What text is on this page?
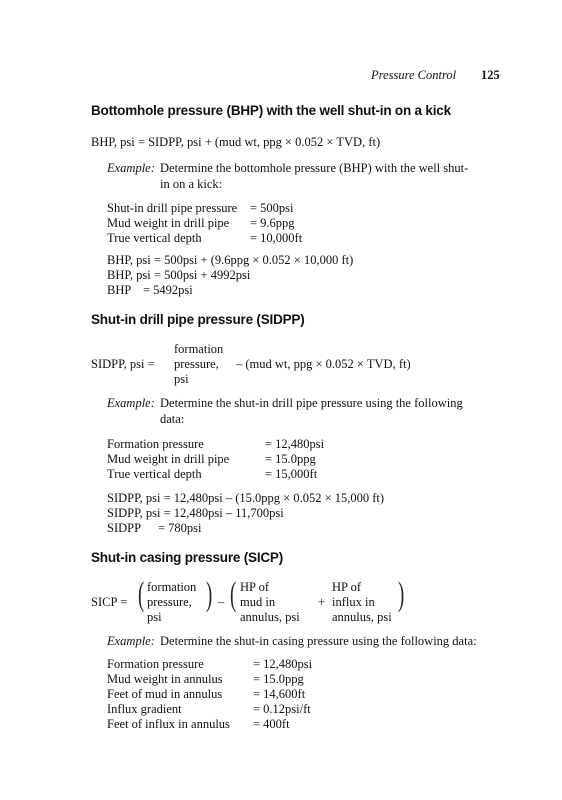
Pressure Control 125
Bottomhole pressure (BHP) with the well shut-in on a kick
BHP, psi = SIDPP, psi + (mud wt, ppg × 0.052 × TVD, ft)
Example: Determine the bottomhole pressure (BHP) with the well shut-
in on a kick:
Shut-in drill pipe pressure = 500psi
Mud weight in drill pipe = 9.6ppg
True vertical depth	= 10,000ft
BHP, psi = 500psi + (9.6ppg × 0.052 × 10,000 ft)
BHP, psi = 500psi + 4992psi
BHP = 5492psi
Shut-in drill pipe pressure (SIDPP)
formation
SIDPP, psi = pressure, – (mud wt, ppg × 0.052 × TVD, ft)
psi
Example: Determine the shut-in drill pipe pressure using the following
data:
Formation pressure	= 12,480psi
Mud weight in drill pipe	= 15.0ppg
True vertical depth	= 15,000ft
SIDPP, psi = 12,480psi – (15.0ppg × 0.052 × 15,000 ft)
SIDPP, psi = 12,480psi – 11,700psi
SIDPP = 780psi
Shut-in casing pressure (SICP)
SICP = ( formation
pressure,
psi
) – ( HP of
mud in
annulus, psi
+
HP of
influx in
annulus, psi
)
Example: Determine the shut-in casing pressure using the following data:
Formation pressure	= 12,480psi
Mud weight in annulus = 15.0ppg
Feet of mud in annulus = 14,600ft
Influx gradient	= 0.12psi/ft
Feet of influx in annulus = 400ft
